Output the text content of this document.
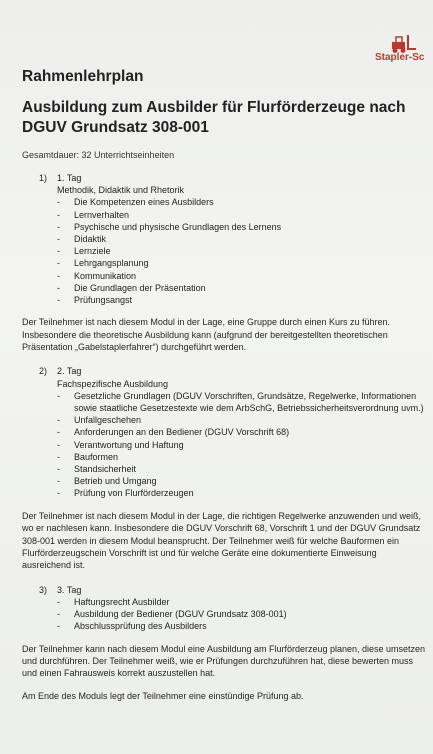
Stapler-Sc
Rahmenlehrplan
Ausbildung zum Ausbilder für Flurförderzeuge nach DGUV Grundsatz 308-001
Gesamtdauer: 32 Unterrichtseinheiten
1)	1. Tag
Methodik, Didaktik und Rhetorik
-	Die Kompetenzen eines Ausbilders
-	Lernverhalten
-	Psychische und physische Grundlagen des Lernens
-	Didaktik
-	Lernziele
-	Lehrgangsplanung
-	Kommunikation
-	Die Grundlagen der Präsentation
-	Prüfungsangst
Der Teilnehmer ist nach diesem Modul in der Lage, eine Gruppe durch einen Kurs zu führen. Insbesondere die theoretische Ausbildung kann (aufgrund der bereitgestellten theoretischen Präsentation „Gabelstaplerfahrer“) durchgeführt werden.
2)	2. Tag
Fachspezifische Ausbildung
-	Gesetzliche Grundlagen (DGUV Vorschriften, Grundsätze, Regelwerke, Informationen sowie staatliche Gesetzestexte wie dem ArbSchG, Betriebssicherheitsverordnung uvm.)
-	Unfallgeschehen
-	Anforderungen an den Bediener (DGUV Vorschrift 68)
-	Verantwortung und Haftung
-	Bauformen
-	Standsicherheit
-	Betrieb und Umgang
-	Prüfung von Flurförderzeugen
Der Teilnehmer ist nach diesem Modul in der Lage, die richtigen Regelwerke anzuwenden und weiß, wo er nachlesen kann. Insbesondere die DGUV Vorschrift 68, Vorschrift 1 und der DGUV Grundsatz 308-001 werden in diesem Modul beansprucht. Der Teilnehmer weiß für welche Bauformen ein Flurförderzeugschein Vorschrift ist und für welche Geräte eine dokumentierte Einweisung ausreichend ist.
3)	3. Tag
-	Haftungsrecht Ausbilder
-	Ausbildung der Bediener (DGUV Grundsatz 308-001)
-	Abschlussprüfung des Ausbilders
Der Teilnehmer kann nach diesem Modul eine Ausbildung am Flurförderzeug planen, diese umsetzen und durchführen. Der Teilnehmer weiß, wie er Prüfungen durchzuführen hat, diese bewerten muss und einen Fahrausweis korrekt auszustellen hat.
Am Ende des Moduls legt der Teilnehmer eine einstündige Prüfung ab.
